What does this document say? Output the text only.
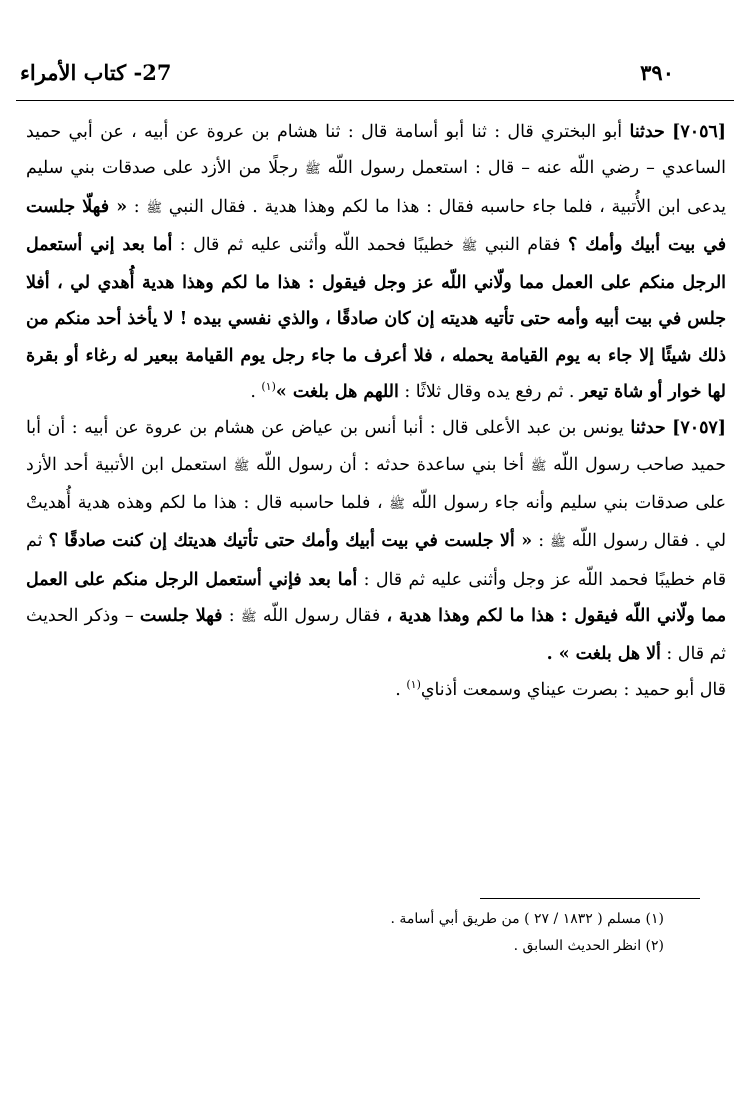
٣٩٠
27- كتاب الأمراء

[٧٠٥٦] حدثنا أبو البختري قال : ثنا أبو أسامة قال : ثنا هشام بن عروة عن أبيه ، عن أبي حميد الساعدي – رضي اللّه عنه – قال : استعمل رسول اللّه ﷺ رجلًا من الأزد على صدقات بني سليم يدعى ابن الأُتبية ، فلما جاء حاسبه فقال : هذا ما لكم وهذا هدية . فقال النبي ﷺ : « فهلّا جلست في بيت أبيك وأمك ؟ فقام النبي ﷺ خطيبًا فحمد اللّه وأثنى عليه ثم قال : أما بعد إني أستعمل الرجل منكم على العمل مما ولّاني اللّه عز وجل فيقول : هذا ما لكم وهذا هدية أُهدي لي ، أفلا جلس في بيت أبيه وأمه حتى تأتيه هديته إن كان صادقًا ، والذي نفسي بيده ! لا يأخذ أحد منكم من ذلك شيئًا إلا جاء به يوم القيامة يحمله ، فلا أعرف ما جاء رجل يوم القيامة ببعير له رغاء أو بقرة لها خوار أو شاة تيعر . ثم رفع يده وقال ثلاثًا : اللهم هل بلغت »$^{(١)}$ .

[٧٠٥٧] حدثنا يونس بن عبد الأعلى قال : أنبا أنس بن عياض عن هشام بن عروة عن أبيه : أن أبا حميد صاحب رسول اللّه ﷺ أخا بني ساعدة حدثه : أن رسول اللّه ﷺ استعمل ابن الأتبية أحد الأزد على صدقات بني سليم وأنه جاء رسول اللّه ﷺ ، فلما حاسبه قال : هذا ما لكم وهذه هدية أُهديتْ لي . فقال رسول اللّه ﷺ : « ألا جلست في بيت أبيك وأمك حتى تأتيك هديتك إن كنت صادقًا ؟ ثم قام خطيبًا فحمد اللّه عز وجل وأثنى عليه ثم قال : أما بعد فإني أستعمل الرجل منكم على العمل مما ولّاني اللّه فيقول : هذا ما لكم وهذا هدية ، فقال رسول اللّه ﷺ : فهلا جلست – وذكر الحديث ثم قال : ألا هل بلغت » .
قال أبو حميد : بصرت عيناي وسمعت أذناي$^{(١)}$ .

(١) مسلم ( ١٨٣٢ / ٢٧ ) من طريق أبي أسامة .
(٢) انظر الحديث السابق .
